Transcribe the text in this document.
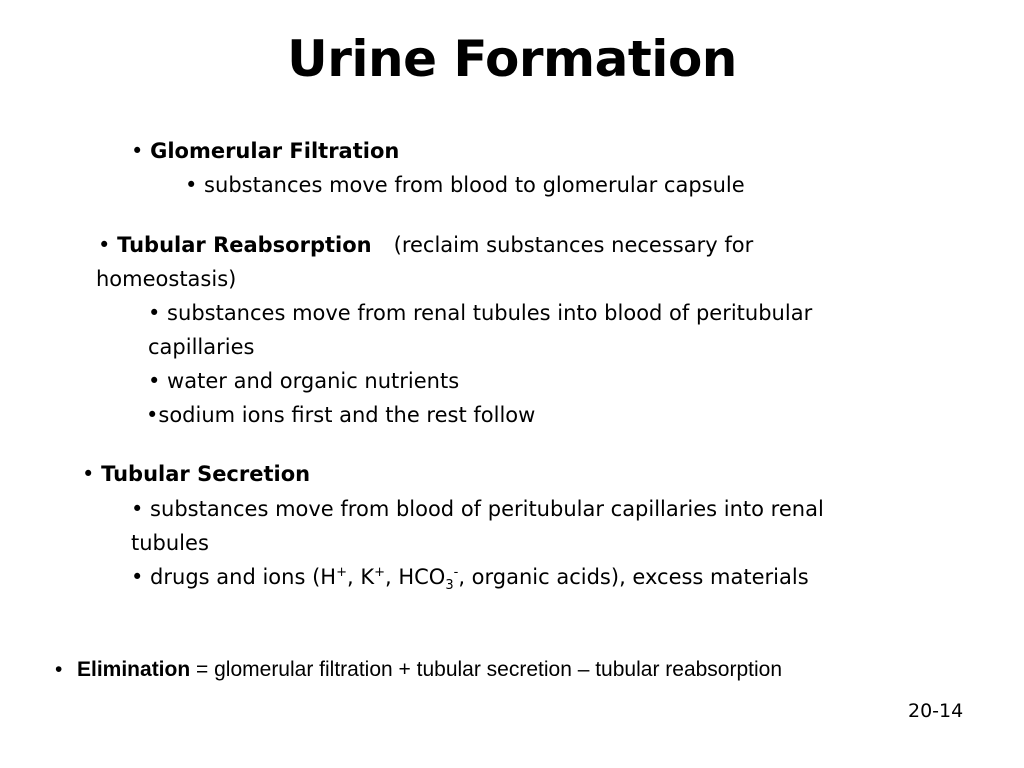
Urine Formation
• Glomerular Filtration
• substances move from blood to glomerular capsule
• Tubular Reabsorption (reclaim substances necessary for
homeostasis)
• substances move from renal tubules into blood of peritubular
capillaries
• water and organic nutrients
•sodium ions first and the rest follow
• Tubular Secretion
• substances move from blood of peritubular capillaries into renal
tubules
• drugs and ions (H+, K+, $HCO_3^-$, organic acids), excess materials
• Elimination = glomerular filtration + tubular secretion – tubular reabsorption
20-14
